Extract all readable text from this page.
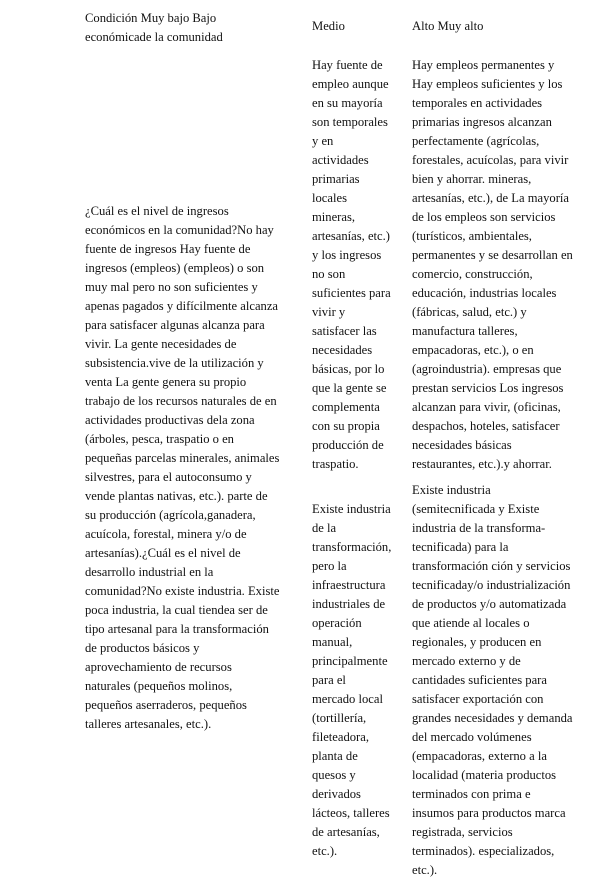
Condición Muy bajo Bajo
económicade la comunidad

Medio	Alto Muy alto

¿Cuál es el nivel de ingresos
económicos en la comunidad?No hay
fuente de ingresos Hay fuente de
ingresos (empleos) (empleos) o son
muy mal pero no son suficientes y
apenas pagados y difícilmente alcanza
para satisfacer algunas alcanza para
vivir. La gente necesidades de
subsistencia.vive de la utilización y
venta La gente genera su propio
trabajo de los recursos naturales de en
actividades productivas dela zona
(árboles, pesca, traspatio o en
pequeñas parcelas minerales, animales
silvestres, para el autoconsumo y
vende plantas nativas, etc.). parte de
su producción (agrícola,ganadera,
acuícola, forestal, minera y/o de
artesanías).¿Cuál es el nivel de
desarrollo industrial en la
comunidad?No existe industria. Existe
poca industria, la cual tiendea ser de
tipo artesanal para la transformación
de productos básicos y
aprovechamiento de recursos
naturales (pequeños molinos,
pequeños aserraderos, pequeños
talleres artesanales, etc.).

Hay fuente de
empleo aunque
en su mayoría
son temporales
y en
actividades
primarias
locales
mineras,
artesanías, etc.)
y los ingresos
no son
suficientes para
vivir y
satisfacer las
necesidades
básicas, por lo
que la gente se
complementa
con su propia
producción de
traspatio.

Existe industria
de la
transformación,
pero la
infraestructura
industriales de
operación
manual,
principalmente
para el
mercado local
(tortillería,
fileteadora,
planta de
quesos y
derivados
lácteos, talleres
de artesanías,
etc.).

Hay empleos permanentes y
Hay empleos suficientes y los
temporales en actividades
primarias ingresos alcanzan
perfectamente (agrícolas,
forestales, acuícolas, para vivir
bien y ahorrar. mineras,
artesanías, etc.), de La mayoría
de los empleos son servicios
(turísticos, ambientales,
permanentes y se desarrollan en
comercio, construcción,
educación, industrias locales
(fábricas, salud, etc.) y
manufactura talleres,
empacadoras, etc.), o en
(agroindustria). empresas que
prestan servicios Los ingresos
alcanzan para vivir, (oficinas,
despachos, hoteles, satisfacer
necesidades básicas
restaurantes, etc.).y ahorrar.

Existe industria
(semitecnificada y Existe
industria de la transforma-
tecnificada) para la
transformación ción y servicios
tecnificaday/o industrialización
de productos y/o automatizada
que atiende al locales o
regionales, y producen en
mercado externo y de
cantidades suficientes para
satisfacer exportación con
grandes necesidades y demanda
del mercado volúmenes
(empacadoras, externo a la
localidad (materia productos
terminados con prima e
insumos para productos marca
registrada, servicios
terminados). especializados,
etc.).
